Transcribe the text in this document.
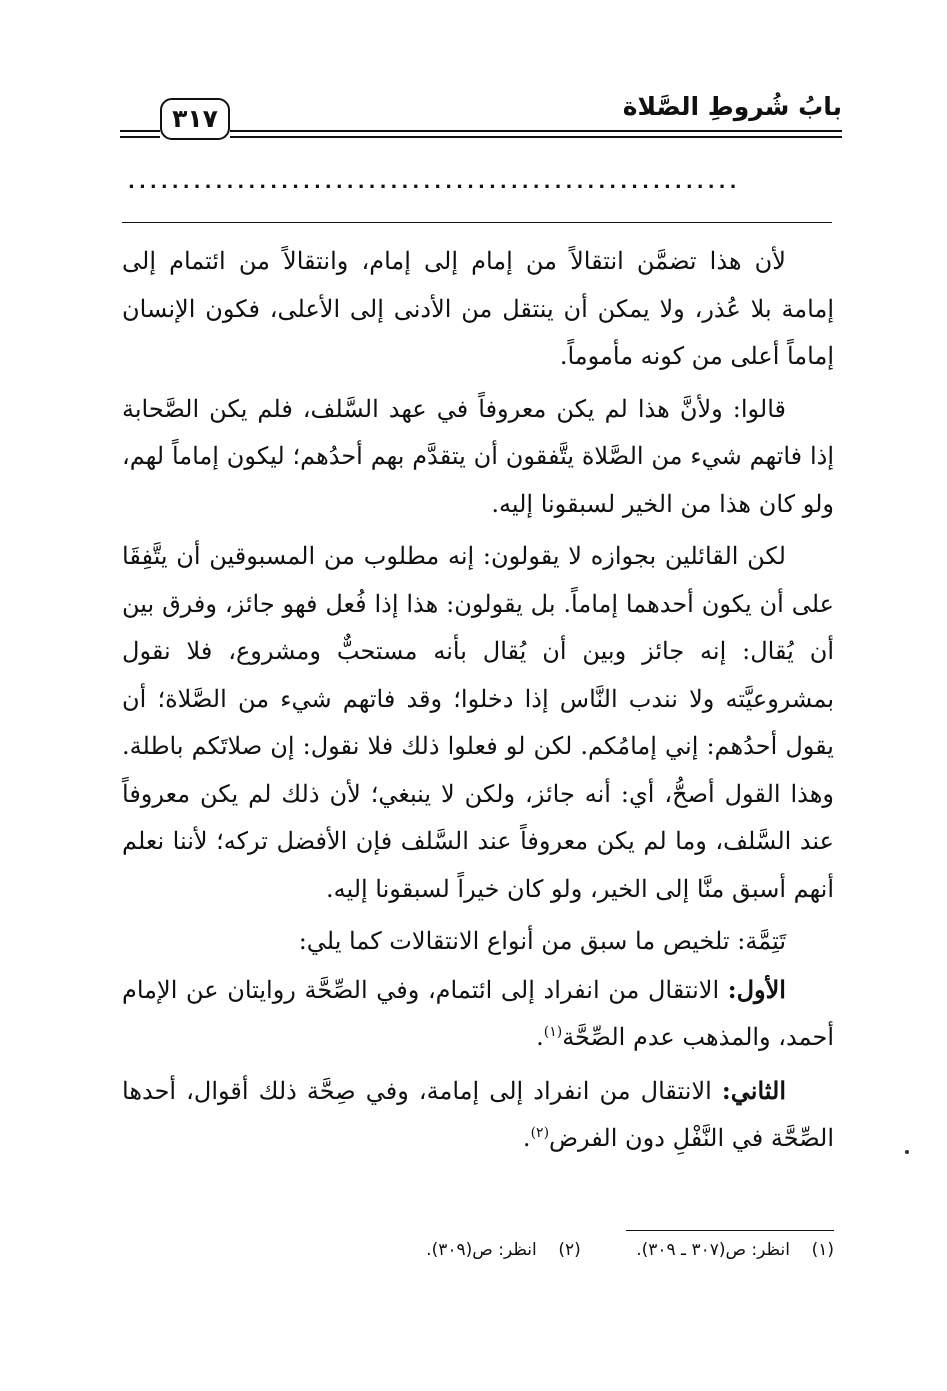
بابُ شُروطِ الصَّلاة
٣١٧
........................................................

لأن هذا تضمَّن انتقالاً من إمام إلى إمام، وانتقالاً من ائتمام إلى إمامة بلا عُذر، ولا يمكن أن ينتقل من الأدنى إلى الأعلى، فكون الإنسان إماماً أعلى من كونه مأموماً.

قالوا: ولأنَّ هذا لم يكن معروفاً في عهد السَّلف، فلم يكن الصَّحابة إذا فاتهم شيء من الصَّلاة يتَّفقون أن يتقدَّم بهم أحدُهم؛ ليكون إماماً لهم، ولو كان هذا من الخير لسبقونا إليه.

لكن القائلين بجوازه لا يقولون: إنه مطلوب من المسبوقين أن يتَّفِقَا على أن يكون أحدهما إماماً. بل يقولون: هذا إذا فُعل فهو جائز، وفرق بين أن يُقال: إنه جائز وبين أن يُقال بأنه مستحبٌّ ومشروع، فلا نقول بمشروعيَّته ولا نندب النَّاس إذا دخلوا؛ وقد فاتهم شيء من الصَّلاة؛ أن يقول أحدُهم: إني إمامُكم. لكن لو فعلوا ذلك فلا نقول: إن صلاتَكم باطلة. وهذا القول أصحُّ، أي: أنه جائز، ولكن لا ينبغي؛ لأن ذلك لم يكن معروفاً عند السَّلف، وما لم يكن معروفاً عند السَّلف فإن الأفضل تركه؛ لأننا نعلم أنهم أسبق منَّا إلى الخير، ولو كان خيراً لسبقونا إليه.

تَتِمَّة: تلخيص ما سبق من أنواع الانتقالات كما يلي:

الأول: الانتقال من انفراد إلى ائتمام، وفي الصِّحَّة روايتان عن الإمام أحمد، والمذهب عدم الصِّحَّة$^{(١)}$.

الثاني: الانتقال من انفراد إلى إمامة، وفي صِحَّة ذلك أقوال، أحدها الصِّحَّة في النَّفْلِ دون الفرض$^{(٢)}$.

(١)    انظر: ص(٣٠٧ ـ ٣٠٩). (٢)    انظر: ص(٣٠٩).
